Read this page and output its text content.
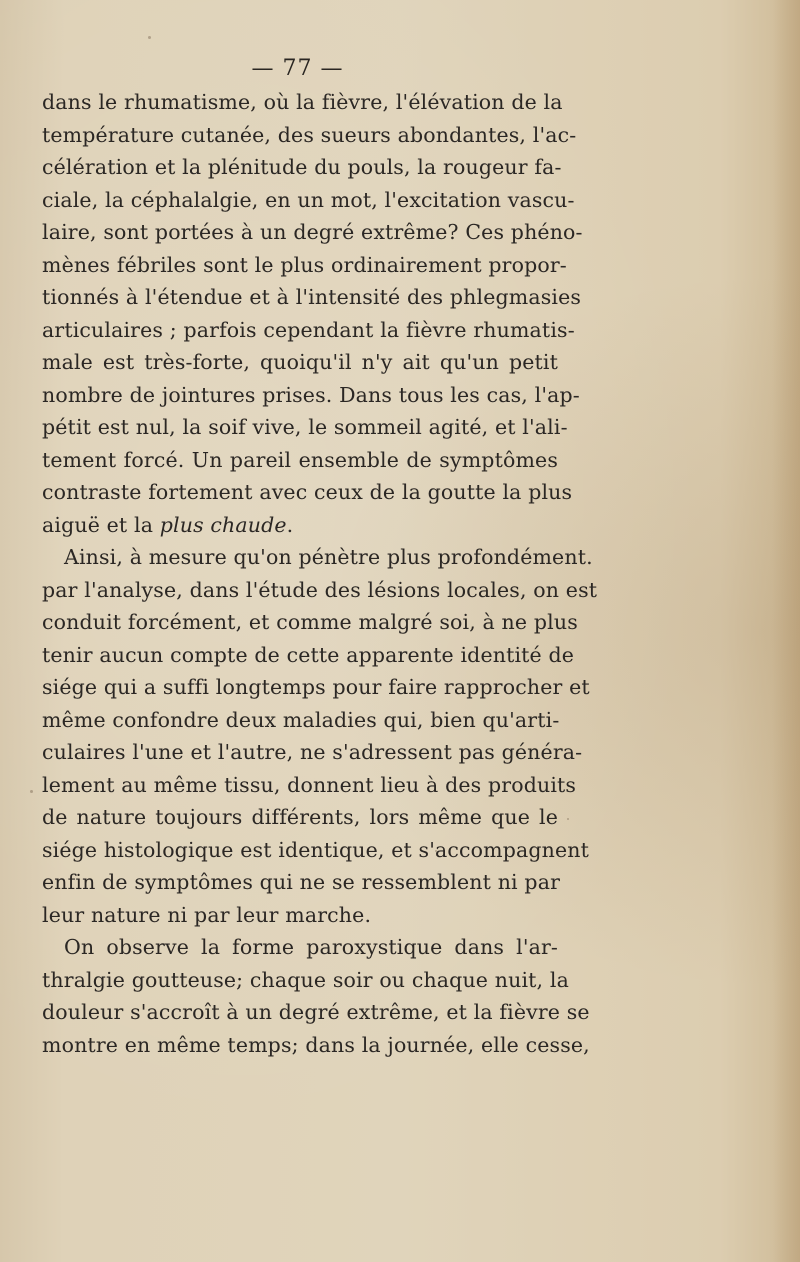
— 77 —
dans le rhumatisme, où la fièvre, l'élévation de la
température cutanée, des sueurs abondantes, l'ac-
célération et la plénitude du pouls, la rougeur fa-
ciale, la céphalalgie, en un mot, l'excitation vascu-
laire, sont portées à un degré extrême? Ces phéno-
mènes fébriles sont le plus ordinairement propor-
tionnés à l'étendue et à l'intensité des phlegmasies
articulaires ; parfois cependant la fièvre rhumatis-
male est très-forte, quoiqu'il n'y ait qu'un petit
nombre de jointures prises. Dans tous les cas, l'ap-
pétit est nul, la soif vive, le sommeil agité, et l'ali-
tement forcé. Un pareil ensemble de symptômes
contraste fortement avec ceux de la goutte la plus
aiguë et la plus chaude.
Ainsi, à mesure qu'on pénètre plus profondément.
par l'analyse, dans l'étude des lésions locales, on est
conduit forcément, et comme malgré soi, à ne plus
tenir aucun compte de cette apparente identité de
siége qui a suffi longtemps pour faire rapprocher et
même confondre deux maladies qui, bien qu'arti-
culaires l'une et l'autre, ne s'adressent pas généra-
lement au même tissu, donnent lieu à des produits
de nature toujours différents, lors même que le
siége histologique est identique, et s'accompagnent
enfin de symptômes qui ne se ressemblent ni par
leur nature ni par leur marche.
On observe la forme paroxystique dans l'ar-
thralgie goutteuse; chaque soir ou chaque nuit, la
douleur s'accroît à un degré extrême, et la fièvre se
montre en même temps; dans la journée, elle cesse,
